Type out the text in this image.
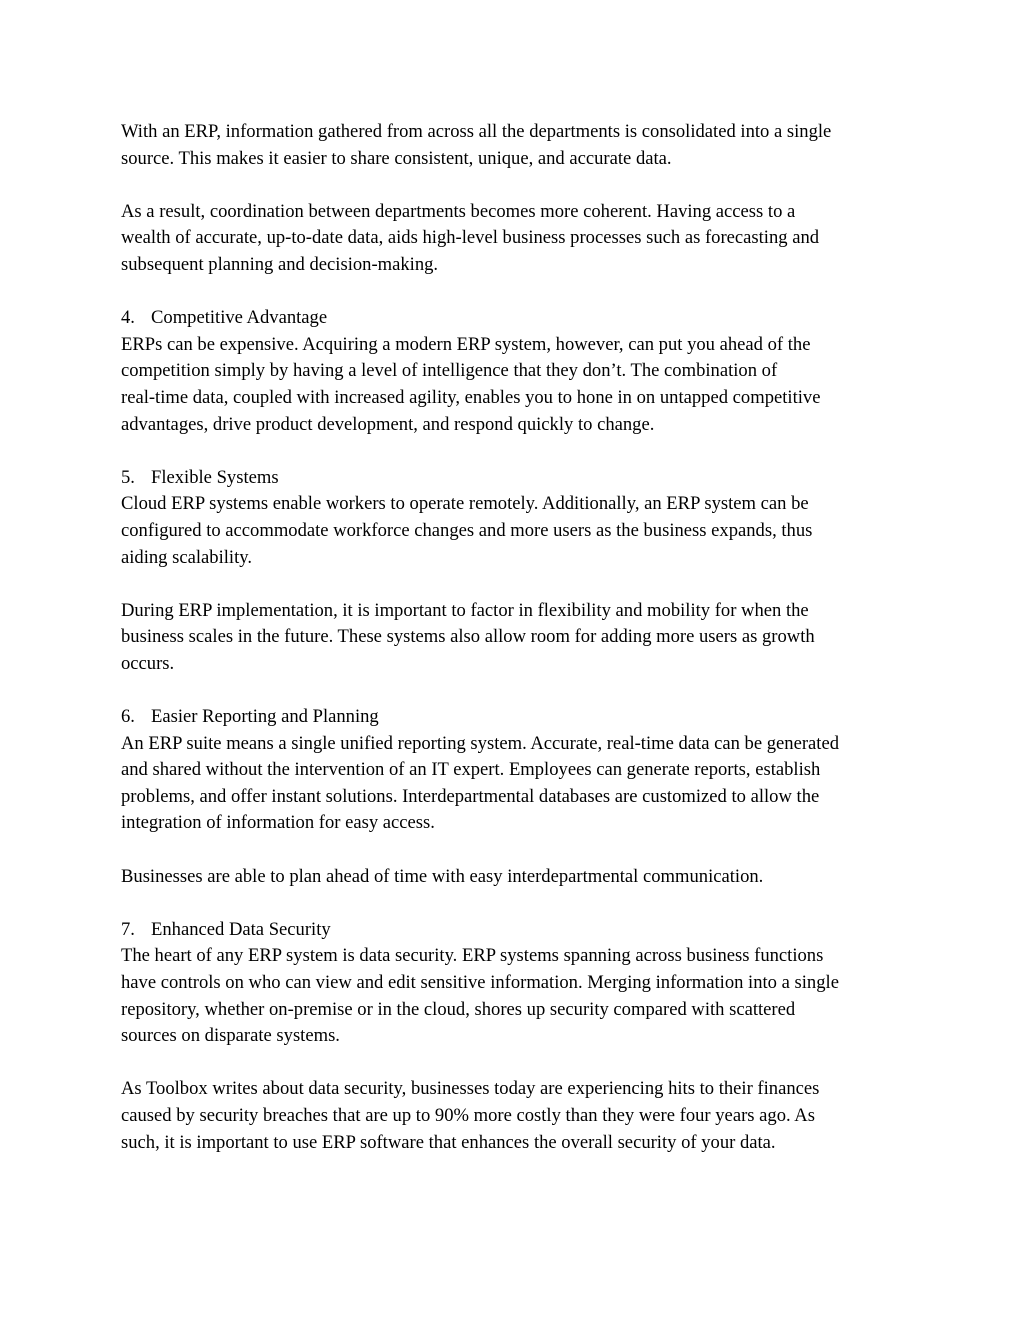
With an ERP, information gathered from across all the departments is consolidated into a single
source. This makes it easier to share consistent, unique, and accurate data.

As a result, coordination between departments becomes more coherent. Having access to a
wealth of accurate, up-to-date data, aids high-level business processes such as forecasting and
subsequent planning and decision-making.

4. Competitive Advantage

ERPs can be expensive. Acquiring a modern ERP system, however, can put you ahead of the
competition simply by having a level of intelligence that they don’t. The combination of
real-time data, coupled with increased agility, enables you to hone in on untapped competitive
advantages, drive product development, and respond quickly to change.

5. Flexible Systems

Cloud ERP systems enable workers to operate remotely. Additionally, an ERP system can be
configured to accommodate workforce changes and more users as the business expands, thus
aiding scalability.

During ERP implementation, it is important to factor in flexibility and mobility for when the
business scales in the future. These systems also allow room for adding more users as growth
occurs.

6. Easier Reporting and Planning

An ERP suite means a single unified reporting system. Accurate, real-time data can be generated
and shared without the intervention of an IT expert. Employees can generate reports, establish
problems, and offer instant solutions. Interdepartmental databases are customized to allow the
integration of information for easy access.

Businesses are able to plan ahead of time with easy interdepartmental communication.

7. Enhanced Data Security

The heart of any ERP system is data security. ERP systems spanning across business functions
have controls on who can view and edit sensitive information. Merging information into a single
repository, whether on-premise or in the cloud, shores up security compared with scattered
sources on disparate systems.

As Toolbox writes about data security, businesses today are experiencing hits to their finances
caused by security breaches that are up to 90% more costly than they were four years ago. As
such, it is important to use ERP software that enhances the overall security of your data.
